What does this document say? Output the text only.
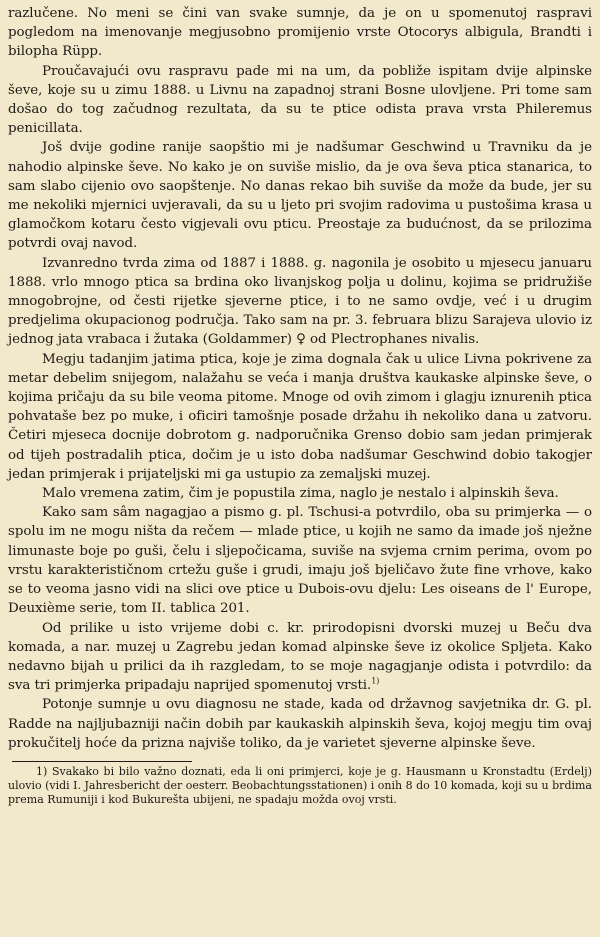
razlučene. No meni se čini van svake sumnje, da je on u spomenutoj raspravi pogledom na imenovanje megjusobno promijenio vrste Otocorys albigula, Brandti i bilopha Rüpp.

Proučavajući ovu raspravu pade mi na um, da pobliže ispitam dvije alpinske ševe, koje su u zimu 1888. u Livnu na zapadnoj strani Bosne ulovljene. Pri tome sam došao do tog začudnog rezultata, da su te ptice odista prava vrsta Phileremus penicillata.

Još dvije godine ranije saopštio mi je nadšumar Geschwind u Travniku da je nahodio alpinske ševe. No kako je on suviše mislio, da je ova ševa ptica stanarica, to sam slabo cijenio ovo saopštenje. No danas rekao bih suviše da može da bude, jer su me nekoliki mjernici uvjeravali, da su u ljeto pri svojim radovima u pustošima krasa u glamočkom kotaru često vigjevali ovu pticu. Preostaje za budućnost, da se prilozima potvrdi ovaj navod.

Izvanredno tvrda zima od 1887 i 1888. g. nagonila je osobito u mjesecu januaru 1888. vrlo mnogo ptica sa brdina oko livanjskog polja u dolinu, kojima se pridružiše mnogobrojne, od česti rijetke sjeverne ptice, i to ne samo ovdje, već i u drugim predjelima okupacionog područja. Tako sam na pr. 3. februara blizu Sarajeva ulovio iz jednog jata vrabaca i žutaka (Goldammer) ♀ od Plectrophanes nivalis.

Megju tadanjim jatima ptica, koje je zima dognala čak u ulice Livna pokrivene za metar debelim snijegom, nalažahu se veća i manja društva kaukaske alpinske ševe, o kojima pričaju da su bile veoma pitome. Mnoge od ovih zimom i glagju iznurenih ptica pohvataše bez po muke, i oficiri tamošnje posade držahu ih nekoliko dana u zatvoru. Četiri mjeseca docnije dobrotom g. nadporučnika Grenso dobio sam jedan primjerak od tijeh postradalih ptica, dočim je u isto doba nadšumar Geschwind dobio takogjer jedan primjerak i prijateljski mi ga ustupio za zemaljski muzej.

Malo vremena zatim, čim je popustila zima, naglo je nestalo i alpinskih ševa.

Kako sam sâm nagagjao a pismo g. pl. Tschusi-a potvrdilo, oba su primjerka — o spolu im ne mogu ništa da rečem — mlade ptice, u kojih ne samo da imade još nježne limunaste boje po guši, čelu i sljepočicama, suviše na svjema crnim perima, ovom po vrstu karakterističnom crtežu guše i grudi, imaju još bjeličavo žute fine vrhove, kako se to veoma jasno vidi na slici ove ptice u Dubois-ovu djelu: Les oiseans de l' Europe, Deuxième serie, tom II. tablica 201.

Od prilike u isto vrijeme dobi c. kr. prirodopisni dvorski muzej u Beču dva komada, a nar. muzej u Zagrebu jedan komad alpinske ševe iz okolice Spljeta. Kako nedavno bijah u prilici da ih razgledam, to se moje nagagjanje odista i potvrdilo: da sva tri primjerka pripadaju naprijed spomenutoj vrsti.$^{1)}$

Potonje sumnje u ovu diagnosu ne stade, kada od državnog savjetnika dr. G. pl. Radde na najljubazniji način dobih par kaukaskih alpinskih ševa, kojoj megju tim ovaj prokučitelj hoće da prizna najviše toliko, da je varietet sjeverne alpinske ševe.

1) Svakako bi bilo važno doznati, eda li oni primjerci, koje je g. Hausmann u Kronstadtu (Erdelj) ulovio (vidi I. Jahresbericht der oesterr. Beobachtungsstationen) i onih 8 do 10 komada, koji su u brdima prema Rumuniji i kod Bukurešta ubijeni, ne spadaju možda ovoj vrsti.
